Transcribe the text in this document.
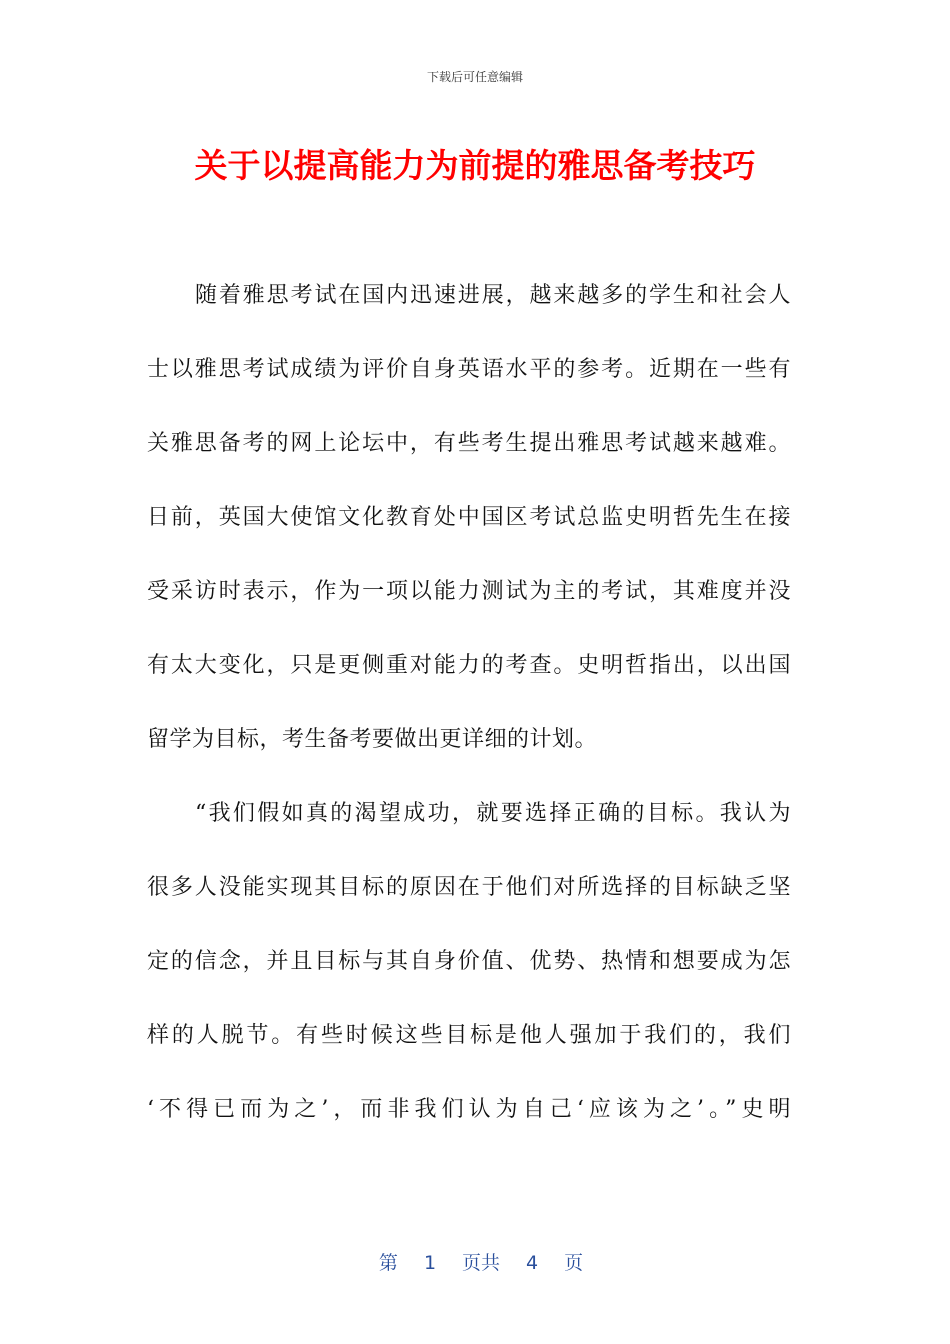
下载后可任意编辑
关于以提高能力为前提的雅思备考技巧
随着雅思考试在国内迅速进展，越来越多的学生和社会人
士以雅思考试成绩为评价自身英语水平的参考。近期在一些有
关雅思备考的网上论坛中，有些考生提出雅思考试越来越难。
日前，英国大使馆文化教育处中国区考试总监史明哲先生在接
受采访时表示，作为一项以能力测试为主的考试，其难度并没
有太大变化，只是更侧重对能力的考查。史明哲指出，以出国
留学为目标，考生备考要做出更详细的计划。
“我们假如真的渴望成功，就要选择正确的目标。我认为
很多人没能实现其目标的原因在于他们对所选择的目标缺乏坚
定的信念，并且目标与其自身价值、优势、热情和想要成为怎
样的人脱节。有些时候这些目标是他人强加于我们的，我们
‘不得已而为之’，而非我们认为自己‘应该为之’。”史明

第 1 页共 4 页
